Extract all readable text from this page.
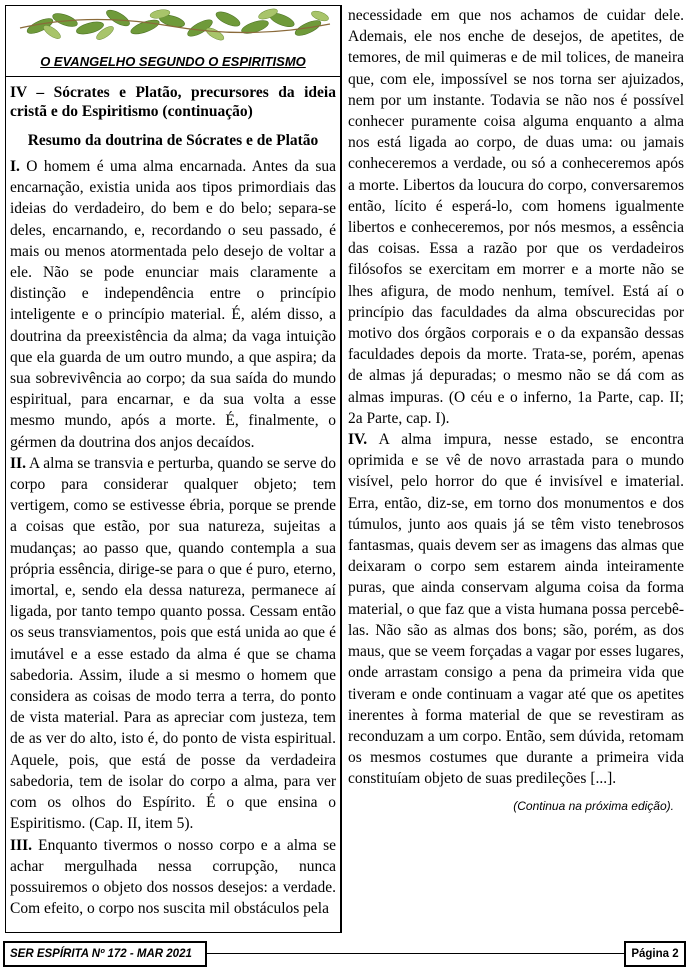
O EVANGELHO SEGUNDO O ESPIRITISMO
IV – Sócrates e Platão, precursores da ideia cristã e do Espiritismo (continuação)
Resumo da doutrina de Sócrates e de Platão

I. O homem é uma alma encarnada. Antes da sua encarnação, existia unida aos tipos primordiais das ideias do verdadeiro, do bem e do belo; separa-se deles, encarnando, e, recordando o seu passado, é mais ou menos atormentada pelo desejo de voltar a ele. Não se pode enunciar mais claramente a distinção e independência entre o princípio inteligente e o princípio material. É, além disso, a doutrina da preexistência da alma; da vaga intuição que ela guarda de um outro mundo, a que aspira; da sua sobrevivência ao corpo; da sua saída do mundo espiritual, para encarnar, e da sua volta a esse mesmo mundo, após a morte. É, finalmente, o gérmen da doutrina dos anjos decaídos.

II. A alma se transvia e perturba, quando se serve do corpo para considerar qualquer objeto; tem vertigem, como se estivesse ébria, porque se prende a coisas que estão, por sua natureza, sujeitas a mudanças; ao passo que, quando contempla a sua própria essência, dirige-se para o que é puro, eterno, imortal, e, sendo ela dessa natureza, permanece aí ligada, por tanto tempo quanto possa. Cessam então os seus transviamentos, pois que está unida ao que é imutável e a esse estado da alma é que se chama sabedoria. Assim, ilude a si mesmo o homem que considera as coisas de modo terra a terra, do ponto de vista material. Para as apreciar com justeza, tem de as ver do alto, isto é, do ponto de vista espiritual. Aquele, pois, que está de posse da verdadeira sabedoria, tem de isolar do corpo a alma, para ver com os olhos do Espírito. É o que ensina o Espiritismo. (Cap. II, item 5).

III. Enquanto tivermos o nosso corpo e a alma se achar mergulhada nessa corrupção, nunca possuiremos o objeto dos nossos desejos: a verdade. Com efeito, o corpo nos suscita mil obstáculos pela

necessidade em que nos achamos de cuidar dele. Ademais, ele nos enche de desejos, de apetites, de temores, de mil quimeras e de mil tolices, de maneira que, com ele, impossível se nos torna ser ajuizados, nem por um instante. Todavia se não nos é possível conhecer puramente coisa alguma enquanto a alma nos está ligada ao corpo, de duas uma: ou jamais conheceremos a verdade, ou só a conheceremos após a morte. Libertos da loucura do corpo, conversaremos então, lícito é esperá-lo, com homens igualmente libertos e conheceremos, por nós mesmos, a essência das coisas. Essa a razão por que os verdadeiros filósofos se exercitam em morrer e a morte não se lhes afigura, de modo nenhum, temível. Está aí o princípio das faculdades da alma obscurecidas por motivo dos órgãos corporais e o da expansão dessas faculdades depois da morte. Trata-se, porém, apenas de almas já depuradas; o mesmo não se dá com as almas impuras. (O céu e o inferno, 1a Parte, cap. II; 2a Parte, cap. I).

IV. A alma impura, nesse estado, se encontra oprimida e se vê de novo arrastada para o mundo visível, pelo horror do que é invisível e imaterial. Erra, então, diz-se, em torno dos monumentos e dos túmulos, junto aos quais já se têm visto tenebrosos fantasmas, quais devem ser as imagens das almas que deixaram o corpo sem estarem ainda inteiramente puras, que ainda conservam alguma coisa da forma material, o que faz que a vista humana possa percebê-las. Não são as almas dos bons; são, porém, as dos maus, que se veem forçadas a vagar por esses lugares, onde arrastam consigo a pena da primeira vida que tiveram e onde continuam a vagar até que os apetites inerentes à forma material de que se revestiram as reconduzam a um corpo. Então, sem dúvida, retomam os mesmos costumes que durante a primeira vida constituíam objeto de suas predileções [...].

(Continua na próxima edição).
SER ESPÍRITA Nº 172 - MAR 2021	Página 2
